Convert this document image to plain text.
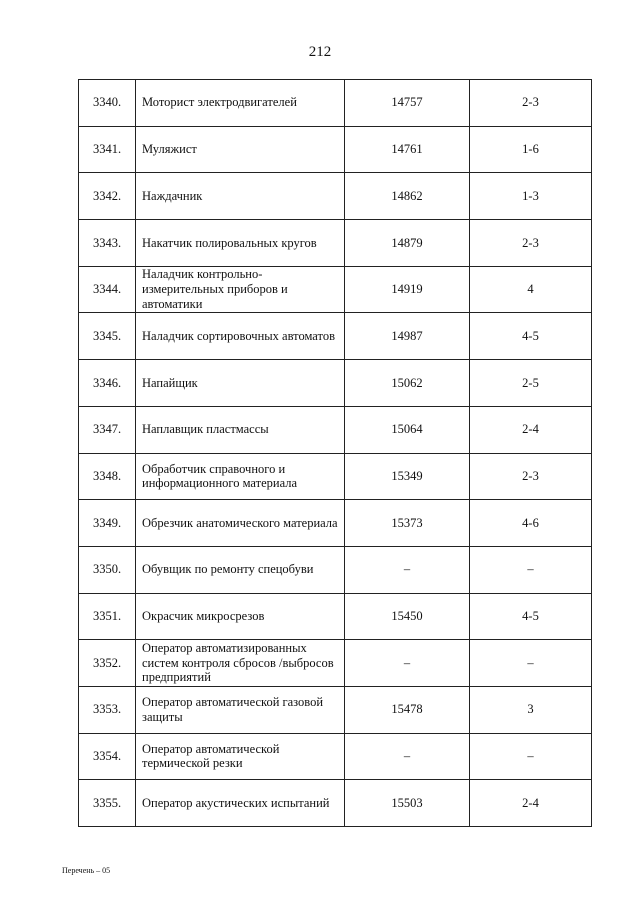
212
3340.	Моторист электродвигателей	14757	2-3
3341.	Муляжист	14761	1-6
3342.	Наждачник	14862	1-3
3343.	Накатчик полировальных кругов	14879	2-3
3344.	Наладчик контрольно-измерительных приборов и автоматики	14919	4
3345.	Наладчик сортировочных автоматов	14987	4-5
3346.	Напайщик	15062	2-5
3347.	Наплавщик пластмассы	15064	2-4
3348.	Обработчик справочного и информационного материала	15349	2-3
3349.	Обрезчик анатомического материала	15373	4-6
3350.	Обувщик по ремонту спецобуви	–	–
3351.	Окрасчик микросрезов	15450	4-5
3352.	Оператор автоматизированных систем контроля сбросов /выбросов предприятий	–	–
3353.	Оператор автоматической газовой защиты	15478	3
3354.	Оператор автоматической термической резки	–	–
3355.	Оператор акустических испытаний	15503	2-4
Перечень – 05
